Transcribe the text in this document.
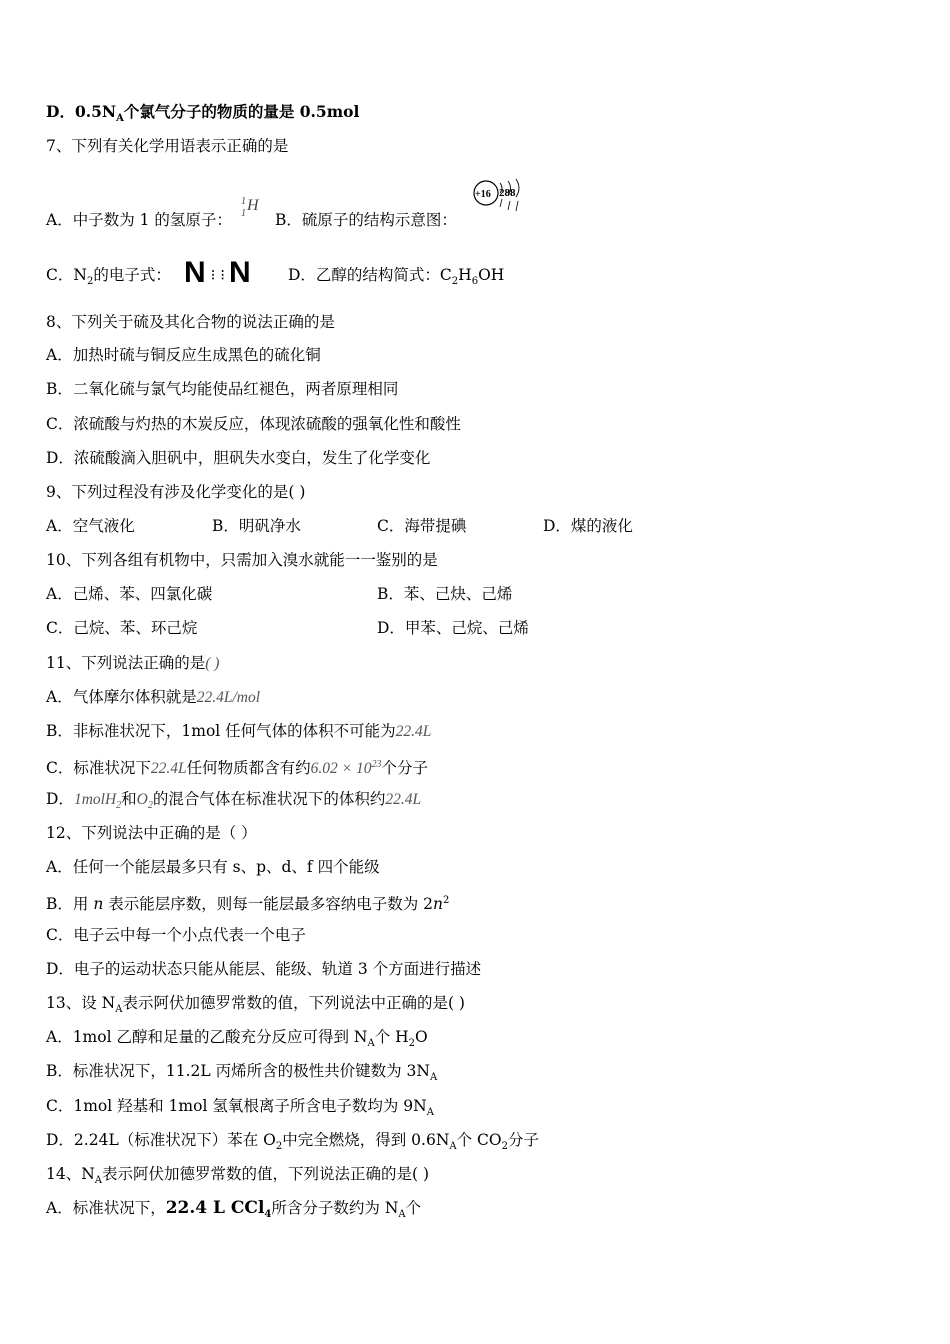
D．$0.5N_A$个氯气分子的物质的量是 0.5mol
7、下列有关化学用语表示正确的是
A．中子数为 1 的氢原子：
1
1 H
B．硫原子的结构示意图：
+16 288
C．$N_2$的电子式： N ⁝ ⁝ N D．乙醇的结构简式：$C_2H_6OH$
8、下列关于硫及其化合物的说法正确的是
A．加热时硫与铜反应生成黑色的硫化铜
B．二氧化硫与氯气均能使品红褪色，两者原理相同
C．浓硫酸与灼热的木炭反应，体现浓硫酸的强氧化性和酸性
D．浓硫酸滴入胆矾中，胆矾失水变白，发生了化学变化
9、下列过程没有涉及化学变化的是( )
A．空气液化	B．明矾净水	C．海带提碘	D．煤的液化
10、下列各组有机物中，只需加入溴水就能一一鉴别的是
A．己烯、苯、四氯化碳	B．苯、己炔、己烯
C．己烷、苯、环己烷	D．甲苯、己烷、己烯
11、下列说法正确的是( )
A．气体摩尔体积就是22.4L/mol
B．非标准状况下，1mol 任何气体的体积不可能为22.4L
C．标准状况下22.4L任何物质都含有约$6.02 \times 10^{23}$个分子
D．1molH$_2$和$O_2$的混合气体在标准状况下的体积约22.4L
12、下列说法中正确的是（ ）
A．任何一个能层最多只有 s、p、d、f 四个能级
B．用 n 表示能层序数，则每一能层最多容纳电子数为 $2n^2$
C．电子云中每一个小点代表一个电子
D．电子的运动状态只能从能层、能级、轨道 3 个方面进行描述
13、设 $N_A$表示阿伏加德罗常数的值，下列说法中正确的是( )
A．1mol 乙醇和足量的乙酸充分反应可得到 $N_A$个 $H_2O$
B．标准状况下，11.2L 丙烯所含的极性共价键数为 $3N_A$
C．1mol 羟基和 1mol 氢氧根离子所含电子数均为 $9N_A$
D．2.24L（标准状况下）苯在 $O_2$中完全燃烧，得到 $0.6N_A$个 $CO_2$分子
14、$N_A$表示阿伏加德罗常数的值，下列说法正确的是( )
A．标准状况下，22.4 L CCl$_4$所含分子数约为 $N_A$个
